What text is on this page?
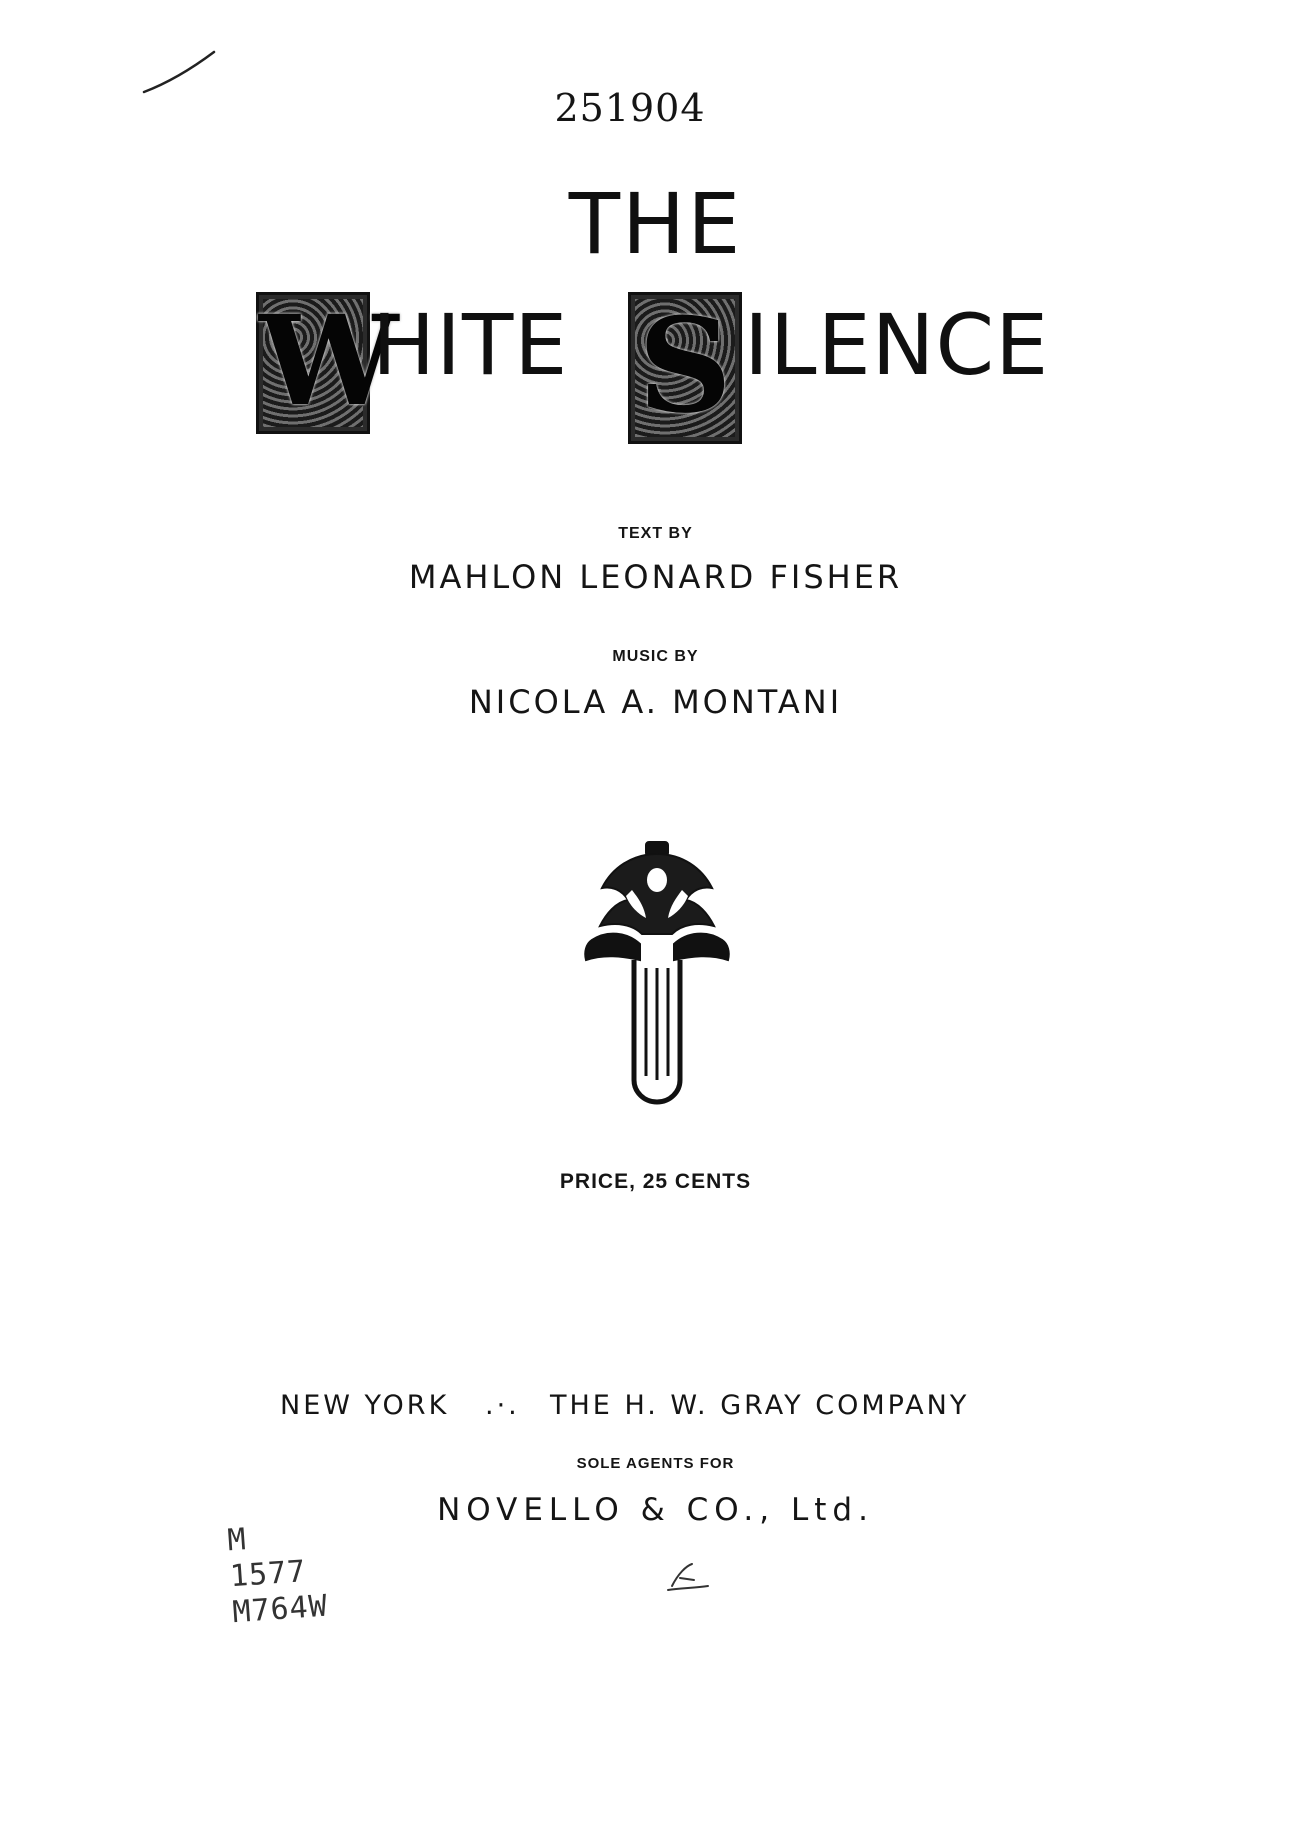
251904
THE
W
HITE S ILENCE
TEXT BY
MAHLON LEONARD FISHER
MUSIC BY
NICOLA A. MONTANI
PRICE, 25 CENTS
NEW YORK .·. THE H. W. GRAY COMPANY
SOLE AGENTS FOR
NOVELLO & CO., Ltd.
M
1577
M764W
